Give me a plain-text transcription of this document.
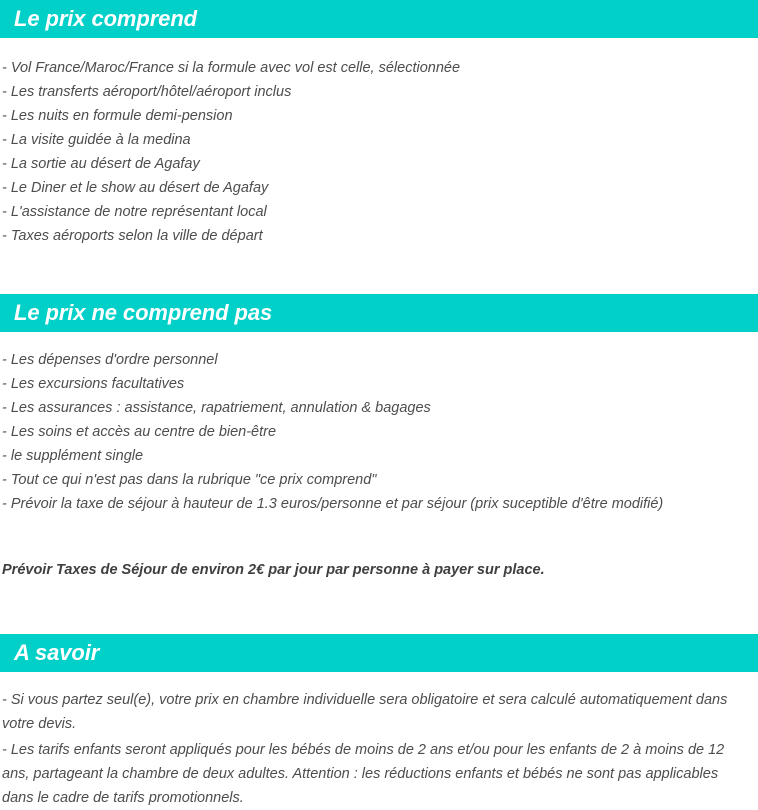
Le prix comprend
- Vol France/Maroc/France si la formule avec vol est celle, sélectionnée
- Les transferts aéroport/hôtel/aéroport inclus
- Les nuits en formule demi-pension
- La visite guidée à la medina
- La sortie au désert de Agafay
- Le Diner et le show au désert de Agafay
- L'assistance de notre représentant local
- Taxes aéroports selon la ville de départ
Le prix ne comprend pas
- Les dépenses d'ordre personnel
- Les excursions facultatives
- Les assurances : assistance, rapatriement, annulation & bagages
- Les soins et accès au centre de bien-être
- le supplément single
- Tout ce qui n'est pas dans la rubrique "ce prix comprend"
- Prévoir la taxe de séjour à hauteur de 1.3 euros/personne et par séjour (prix suceptible d'être modifié)
Prévoir Taxes de Séjour de environ 2€ par jour par personne à payer sur place.
A savoir

- Si vous partez seul(e), votre prix en chambre individuelle sera obligatoire et sera calculé automatiquement dans votre devis.

- Les tarifs enfants seront appliqués pour les bébés de moins de 2 ans et/ou pour les enfants de 2 à moins de 12 ans, partageant la chambre de deux adultes. Attention : les réductions enfants et bébés ne sont pas applicables dans le cadre de tarifs promotionnels.
